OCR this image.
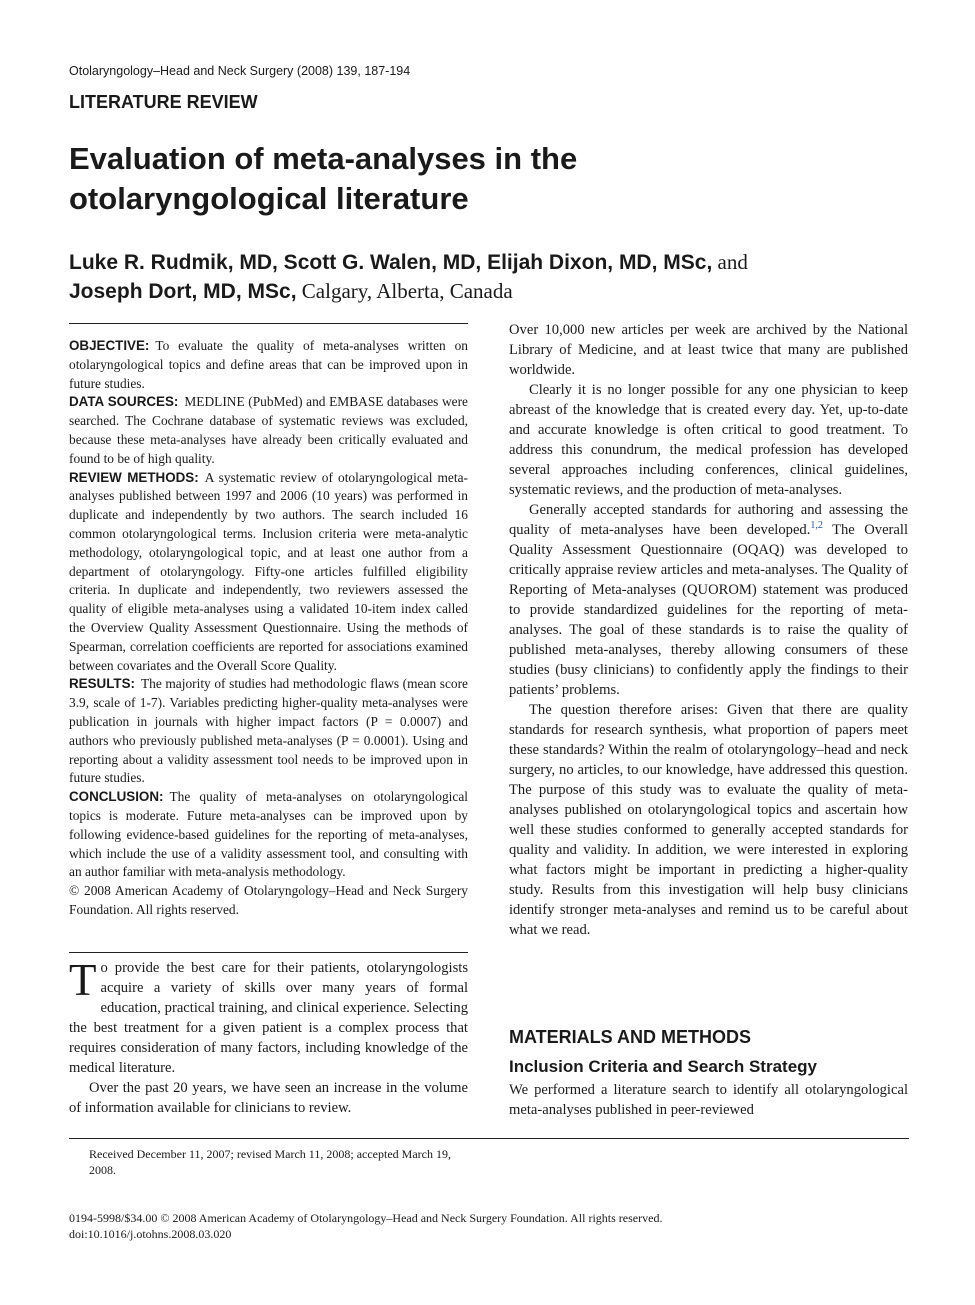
Otolaryngology–Head and Neck Surgery (2008) 139, 187-194
LITERATURE REVIEW
Evaluation of meta-analyses in the
otolaryngological literature
Luke R. Rudmik, MD, Scott G. Walen, MD, Elijah Dixon, MD, MSc, and
Joseph Dort, MD, MSc, Calgary, Alberta, Canada

OBJECTIVE: To evaluate the quality of meta-analyses written on otolaryngological topics and define areas that can be improved upon in future studies.

DATA SOURCES: MEDLINE (PubMed) and EMBASE databases were searched. The Cochrane database of systematic reviews was excluded, because these meta-analyses have already been critically evaluated and found to be of high quality.

REVIEW METHODS: A systematic review of otolaryngological meta-analyses published between 1997 and 2006 (10 years) was performed in duplicate and independently by two authors. The search included 16 common otolaryngological terms. Inclusion criteria were meta-analytic methodology, otolaryngological topic, and at least one author from a department of otolaryngology. Fifty-one articles fulfilled eligibility criteria. In duplicate and independently, two reviewers assessed the quality of eligible meta-analyses using a validated 10-item index called the Overview Quality Assessment Questionnaire. Using the methods of Spearman, correlation coefficients are reported for associations examined between covariates and the Overall Score Quality.

RESULTS: The majority of studies had methodologic flaws (mean score 3.9, scale of 1-7). Variables predicting higher-quality meta-analyses were publication in journals with higher impact factors (P = 0.0007) and authors who previously published meta-analyses (P = 0.0001). Using and reporting about a validity assessment tool needs to be improved upon in future studies.

CONCLUSION: The quality of meta-analyses on otolaryngological topics is moderate. Future meta-analyses can be improved upon by following evidence-based guidelines for the reporting of meta-analyses, which include the use of a validity assessment tool, and consulting with an author familiar with meta-analysis methodology.

© 2008 American Academy of Otolaryngology–Head and Neck Surgery Foundation. All rights reserved.

To provide the best care for their patients, otolaryngologists acquire a variety of skills over many years of formal education, practical training, and clinical experience. Selecting the best treatment for a given patient is a complex process that requires consideration of many factors, including knowledge of the medical literature.

Over the past 20 years, we have seen an increase in the volume of information available for clinicians to review.

Over 10,000 new articles per week are archived by the National Library of Medicine, and at least twice that many are published worldwide.

Clearly it is no longer possible for any one physician to keep abreast of the knowledge that is created every day. Yet, up-to-date and accurate knowledge is often critical to good treatment. To address this conundrum, the medical profession has developed several approaches including conferences, clinical guidelines, systematic reviews, and the production of meta-analyses.

Generally accepted standards for authoring and assessing the quality of meta-analyses have been developed.$^{1,2}$ The Overall Quality Assessment Questionnaire (OQAQ) was developed to critically appraise review articles and meta-analyses. The Quality of Reporting of Meta-analyses (QUOROM) statement was produced to provide standardized guidelines for the reporting of meta-analyses. The goal of these standards is to raise the quality of published meta-analyses, thereby allowing consumers of these studies (busy clinicians) to confidently apply the findings to their patients’ problems.

The question therefore arises: Given that there are quality standards for research synthesis, what proportion of papers meet these standards? Within the realm of otolaryngology–head and neck surgery, no articles, to our knowledge, have addressed this question. The purpose of this study was to evaluate the quality of meta-analyses published on otolaryngological topics and ascertain how well these studies conformed to generally accepted standards for quality and validity. In addition, we were interested in exploring what factors might be important in predicting a higher-quality study. Results from this investigation will help busy clinicians identify stronger meta-analyses and remind us to be careful about what we read.

MATERIALS AND METHODS
Inclusion Criteria and Search Strategy
We performed a literature search to identify all otolaryngological meta-analyses published in peer-reviewed
Received December 11, 2007; revised March 11, 2008; accepted March 19, 2008.
0194-5998/$34.00 © 2008 American Academy of Otolaryngology–Head and Neck Surgery Foundation. All rights reserved.
doi:10.1016/j.otohns.2008.03.020
